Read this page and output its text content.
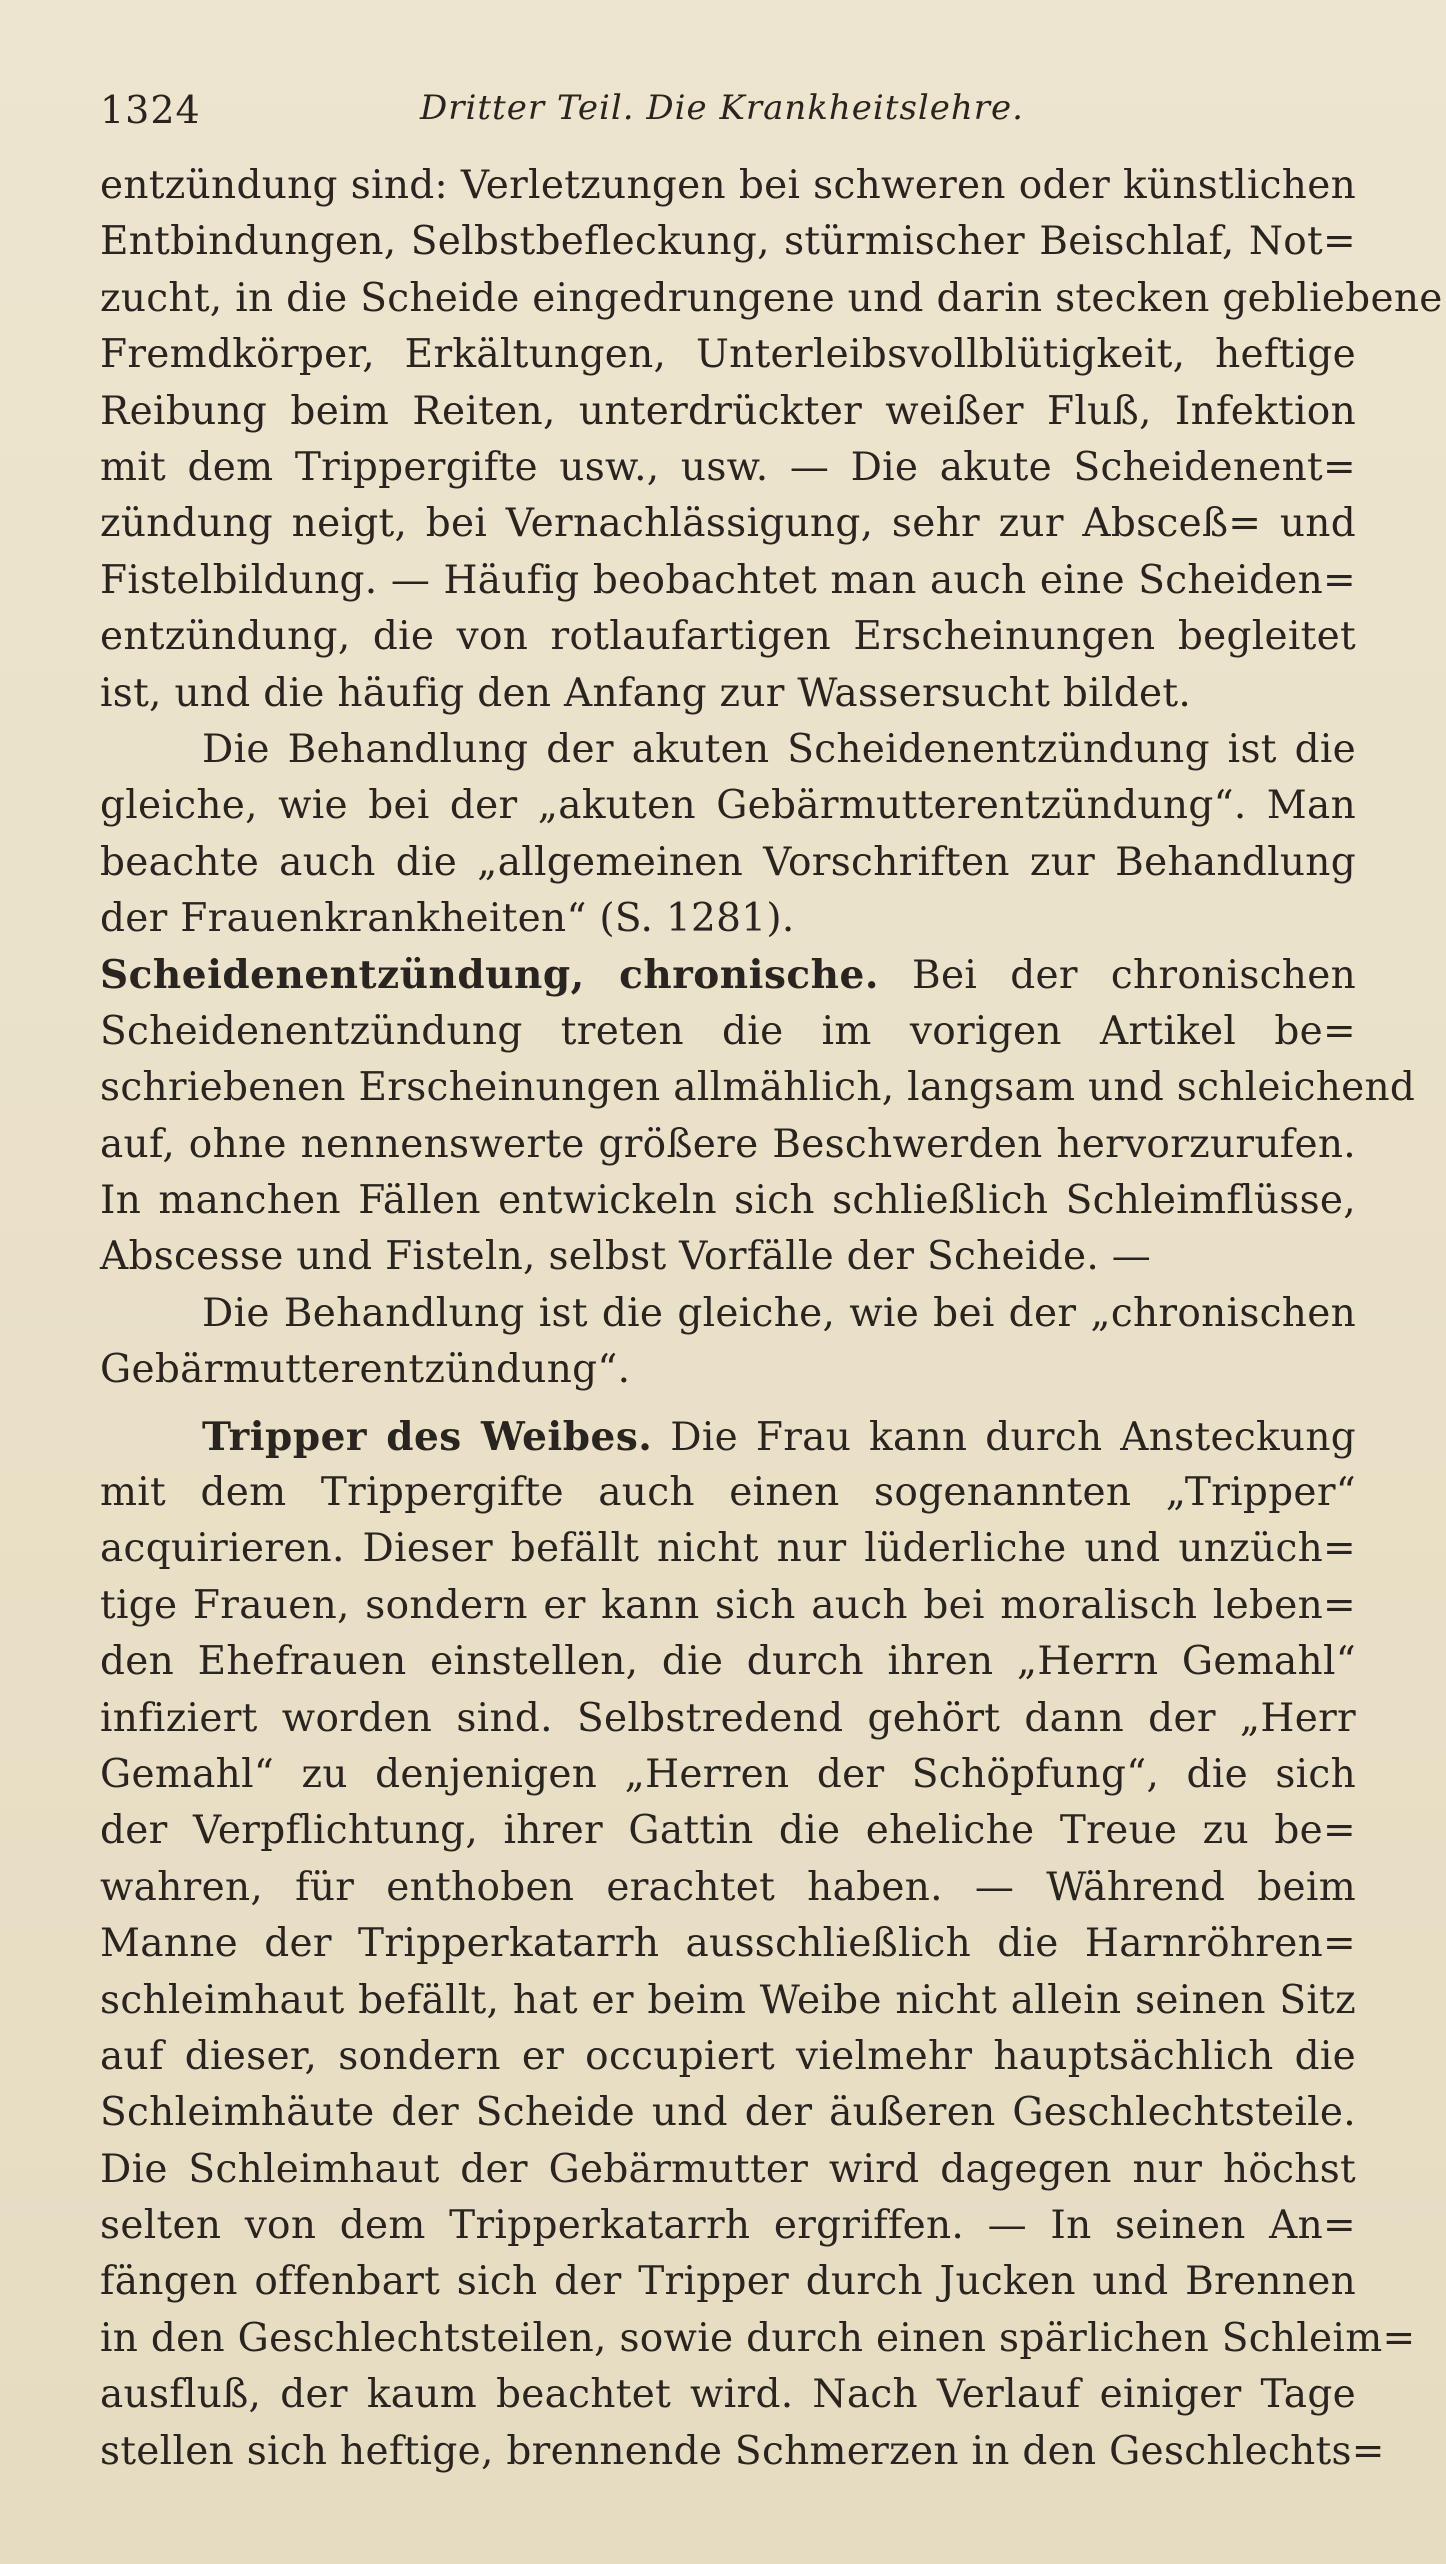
1324	Dritter Teil. Die Krankheitslehre.
entzündung sind: Verletzungen bei schweren oder künstlichen
Entbindungen, Selbstbefleckung, stürmischer Beischlaf, Not=
zucht, in die Scheide eingedrungene und darin stecken gebliebene
Fremdkörper, Erkältungen, Unterleibsvollblütigkeit, heftige
Reibung beim Reiten, unterdrückter weißer Fluß, Infektion
mit dem Trippergifte usw., usw. — Die akute Scheidenent=
zündung neigt, bei Vernachlässigung, sehr zur Absceß= und
Fistelbildung. — Häufig beobachtet man auch eine Scheiden=
entzündung, die von rotlaufartigen Erscheinungen begleitet
ist, und die häufig den Anfang zur Wassersucht bildet.
Die Behandlung der akuten Scheidenentzündung ist die
gleiche, wie bei der „akuten Gebärmutterentzündung“. Man
beachte auch die „allgemeinen Vorschriften zur Behandlung
der Frauenkrankheiten“ (S. 1281).
Scheidenentzündung, chronische. Bei der chronischen
Scheidenentzündung treten die im vorigen Artikel be=
schriebenen Erscheinungen allmählich, langsam und schleichend
auf, ohne nennenswerte größere Beschwerden hervorzurufen.
In manchen Fällen entwickeln sich schließlich Schleimflüsse,
Abscesse und Fisteln, selbst Vorfälle der Scheide. —
Die Behandlung ist die gleiche, wie bei der „chronischen
Gebärmutterentzündung“.
Tripper des Weibes. Die Frau kann durch Ansteckung
mit dem Trippergifte auch einen sogenannten „Tripper“
acquirieren. Dieser befällt nicht nur lüderliche und unzüch=
tige Frauen, sondern er kann sich auch bei moralisch leben=
den Ehefrauen einstellen, die durch ihren „Herrn Gemahl“
infiziert worden sind. Selbstredend gehört dann der „Herr
Gemahl“ zu denjenigen „Herren der Schöpfung“, die sich
der Verpflichtung, ihrer Gattin die eheliche Treue zu be=
wahren, für enthoben erachtet haben. — Während beim
Manne der Tripperkatarrh ausschließlich die Harnröhren=
schleimhaut befällt, hat er beim Weibe nicht allein seinen Sitz
auf dieser, sondern er occupiert vielmehr hauptsächlich die
Schleimhäute der Scheide und der äußeren Geschlechtsteile.
Die Schleimhaut der Gebärmutter wird dagegen nur höchst
selten von dem Tripperkatarrh ergriffen. — In seinen An=
fängen offenbart sich der Tripper durch Jucken und Brennen
in den Geschlechtsteilen, sowie durch einen spärlichen Schleim=
ausfluß, der kaum beachtet wird. Nach Verlauf einiger Tage
stellen sich heftige, brennende Schmerzen in den Geschlechts=
